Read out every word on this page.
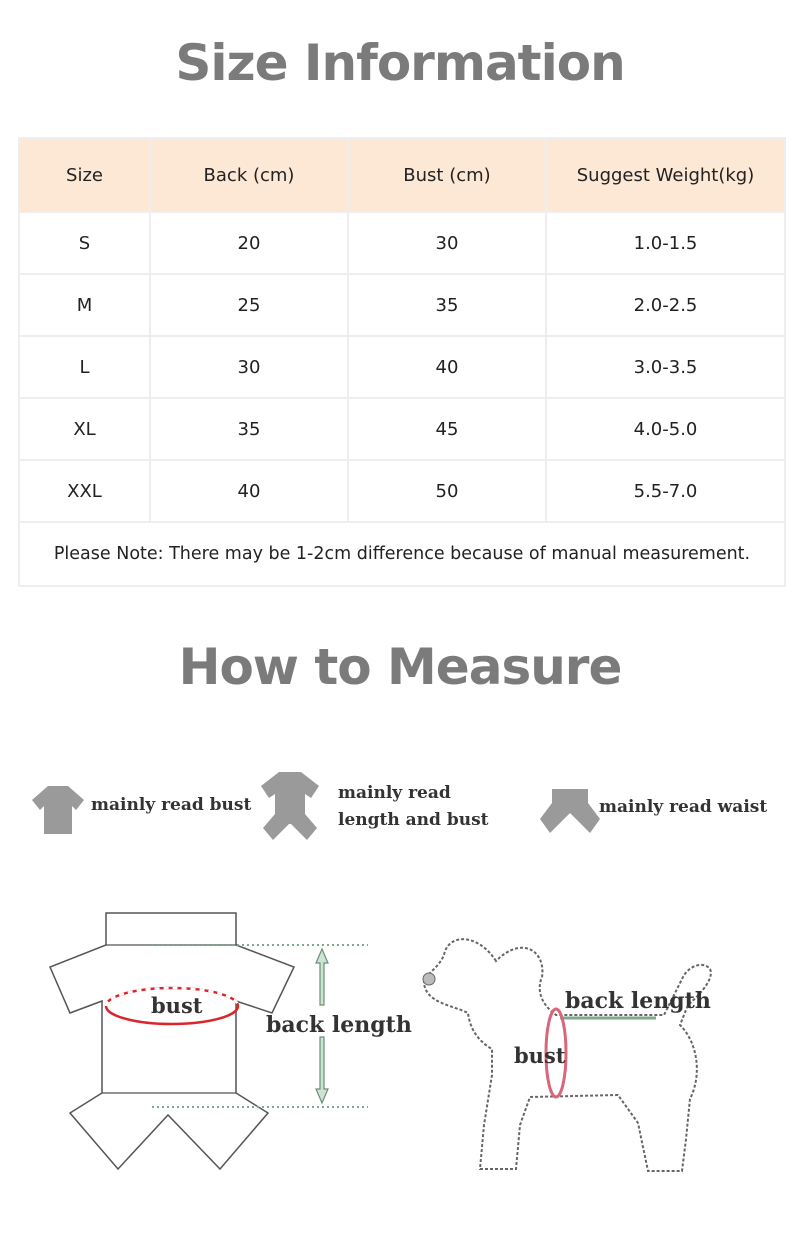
Size Information
Size	Back (cm)	Bust (cm)	Suggest Weight(kg)
S	20	30	1.0-1.5
M	25	35	2.0-2.5
L	30	40	3.0-3.5
XL	35	45	4.0-5.0
XXL	40	50	5.5-7.0
Please Note: There may be 1-2cm difference because of manual measurement.			
How to Measure
mainly read bust
mainly read
length and bust
mainly read waist
bust
back length
back length
bust
